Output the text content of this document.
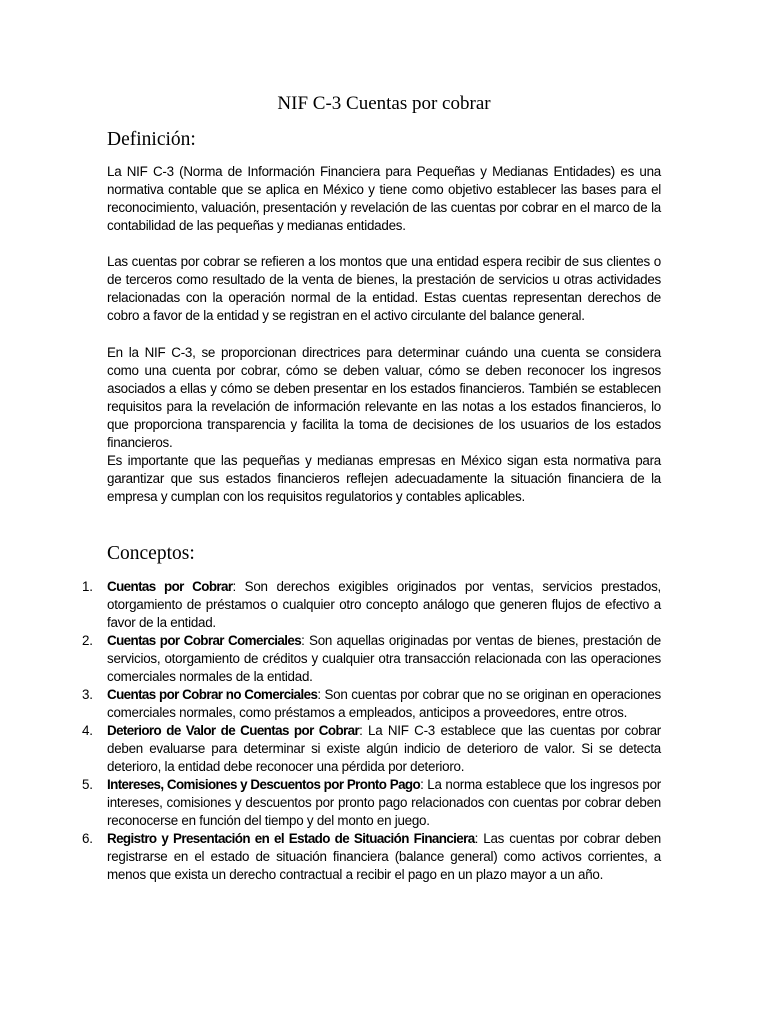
NIF C-3 Cuentas por cobrar
Definición:

La NIF C-3 (Norma de Información Financiera para Pequeñas y Medianas Entidades) es una normativa contable que se aplica en México y tiene como objetivo establecer las bases para el reconocimiento, valuación, presentación y revelación de las cuentas por cobrar en el marco de la contabilidad de las pequeñas y medianas entidades.

Las cuentas por cobrar se refieren a los montos que una entidad espera recibir de sus clientes o de terceros como resultado de la venta de bienes, la prestación de servicios u otras actividades relacionadas con la operación normal de la entidad. Estas cuentas representan derechos de cobro a favor de la entidad y se registran en el activo circulante del balance general.

En la NIF C-3, se proporcionan directrices para determinar cuándo una cuenta se considera como una cuenta por cobrar, cómo se deben valuar, cómo se deben reconocer los ingresos asociados a ellas y cómo se deben presentar en los estados financieros. También se establecen requisitos para la revelación de información relevante en las notas a los estados financieros, lo que proporciona transparencia y facilita la toma de decisiones de los usuarios de los estados financieros.

Es importante que las pequeñas y medianas empresas en México sigan esta normativa para garantizar que sus estados financieros reflejen adecuadamente la situación financiera de la empresa y cumplan con los requisitos regulatorios y contables aplicables.

Conceptos:
1. Cuentas por Cobrar: Son derechos exigibles originados por ventas, servicios prestados, otorgamiento de préstamos o cualquier otro concepto análogo que generen flujos de efectivo a favor de la entidad.
2. Cuentas por Cobrar Comerciales: Son aquellas originadas por ventas de bienes, prestación de servicios, otorgamiento de créditos y cualquier otra transacción relacionada con las operaciones comerciales normales de la entidad.
3. Cuentas por Cobrar no Comerciales: Son cuentas por cobrar que no se originan en operaciones comerciales normales, como préstamos a empleados, anticipos a proveedores, entre otros.
4. Deterioro de Valor de Cuentas por Cobrar: La NIF C-3 establece que las cuentas por cobrar deben evaluarse para determinar si existe algún indicio de deterioro de valor. Si se detecta deterioro, la entidad debe reconocer una pérdida por deterioro.
5. Intereses, Comisiones y Descuentos por Pronto Pago: La norma establece que los ingresos por intereses, comisiones y descuentos por pronto pago relacionados con cuentas por cobrar deben reconocerse en función del tiempo y del monto en juego.
6. Registro y Presentación en el Estado de Situación Financiera: Las cuentas por cobrar deben registrarse en el estado de situación financiera (balance general) como activos corrientes, a menos que exista un derecho contractual a recibir el pago en un plazo mayor a un año.
